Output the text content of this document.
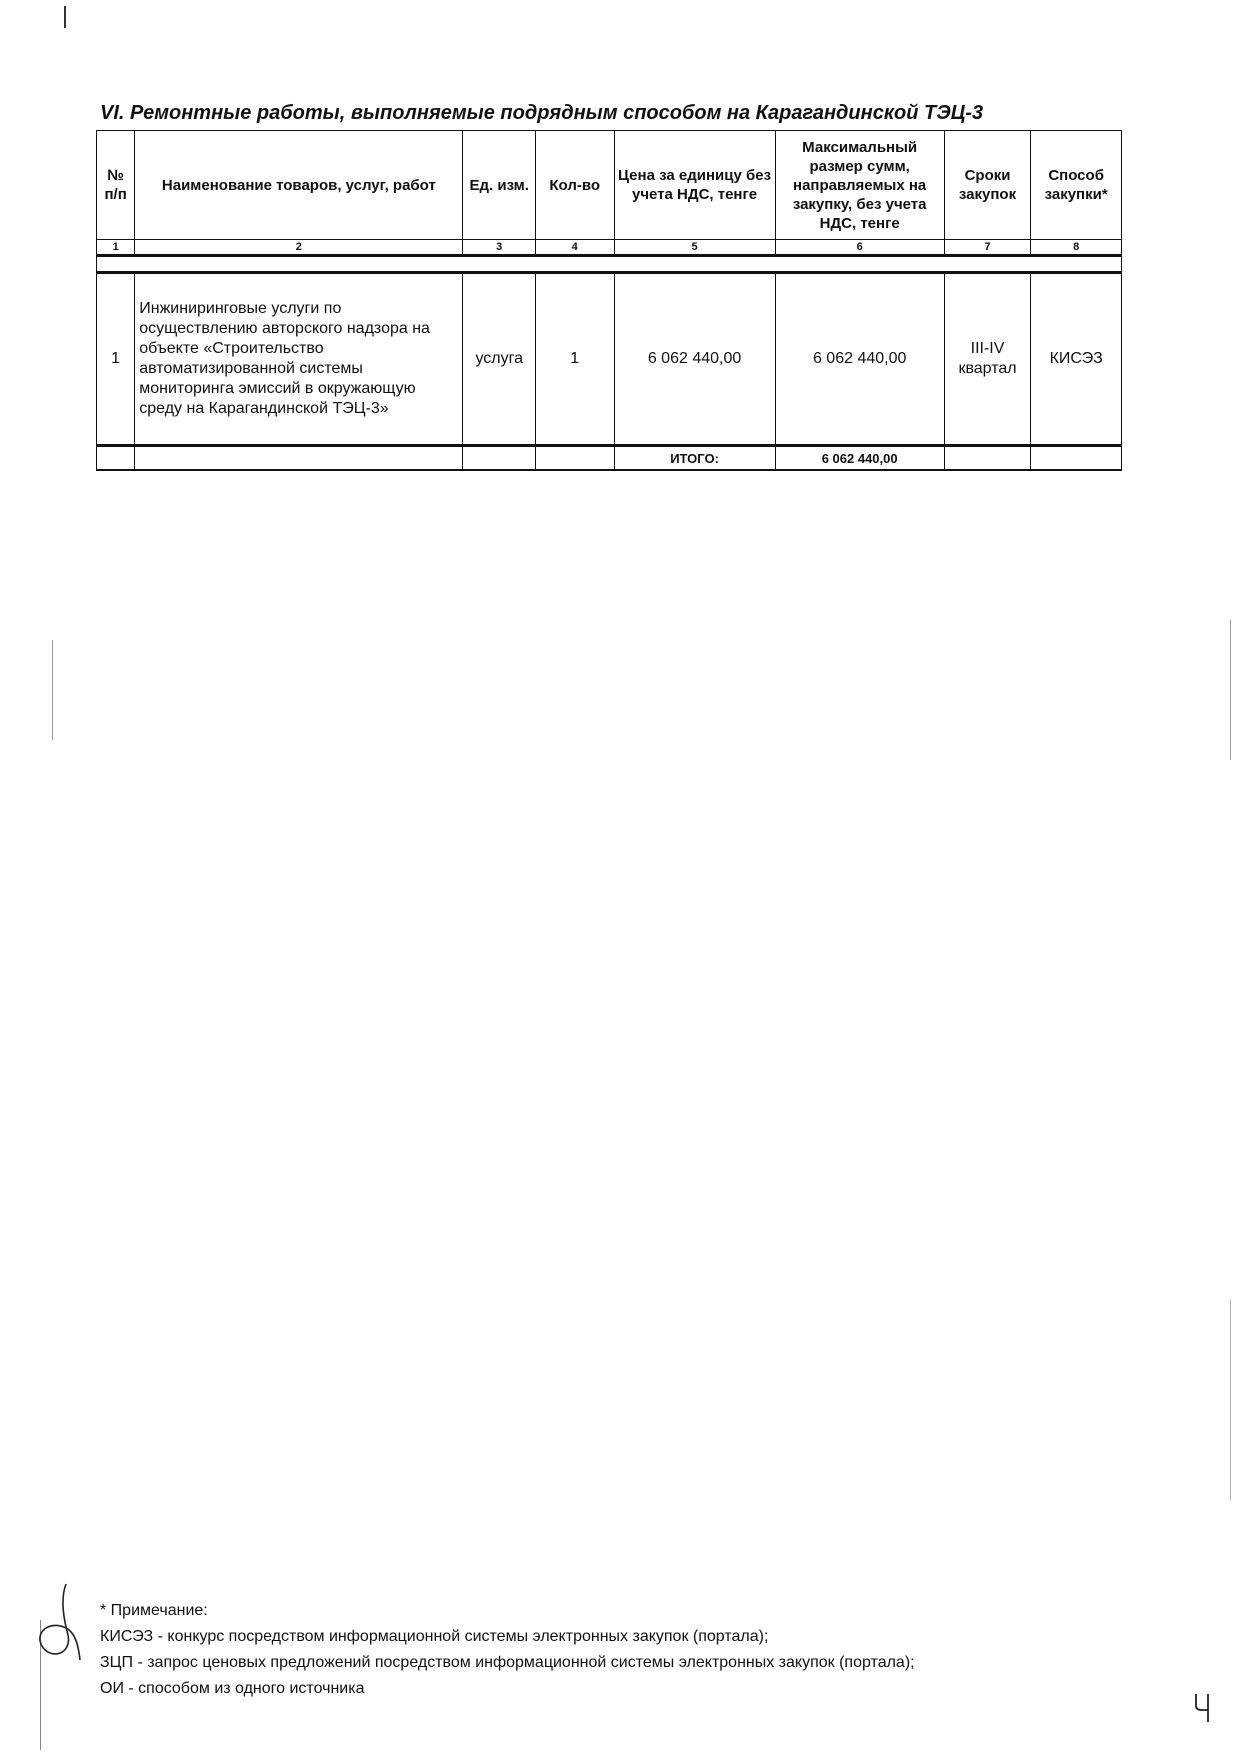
VI. Ремонтные работы, выполняемые подрядным способом на Карагандинской ТЭЦ-3
№ п/п	Наименование товаров, услуг, работ	Ед. изм.	Кол-во	Цена за единицу без учета НДС, тенге	Максимальный размер сумм, направляемых на закупку, без учета НДС, тенге	Сроки закупок	Способ закупки*
1	2	3	4	5	6	7	8

1	Инжиниринговые услуги по осуществлению авторского надзора на объекте «Строительство автоматизированной системы мониторинга эмиссий в окружающую среду на Карагандинской ТЭЦ-3»	услуга	1	6 062 440,00	6 062 440,00	III-IV квартал	КИСЭЗ
				ИТОГО:	6 062 440,00		
* Примечание:
КИСЭЗ - конкурс посредством информационной системы электронных закупок (портала);
ЗЦП - запрос ценовых предложений посредством информационной системы электронных закупок (портала);
ОИ - способом из одного источника
